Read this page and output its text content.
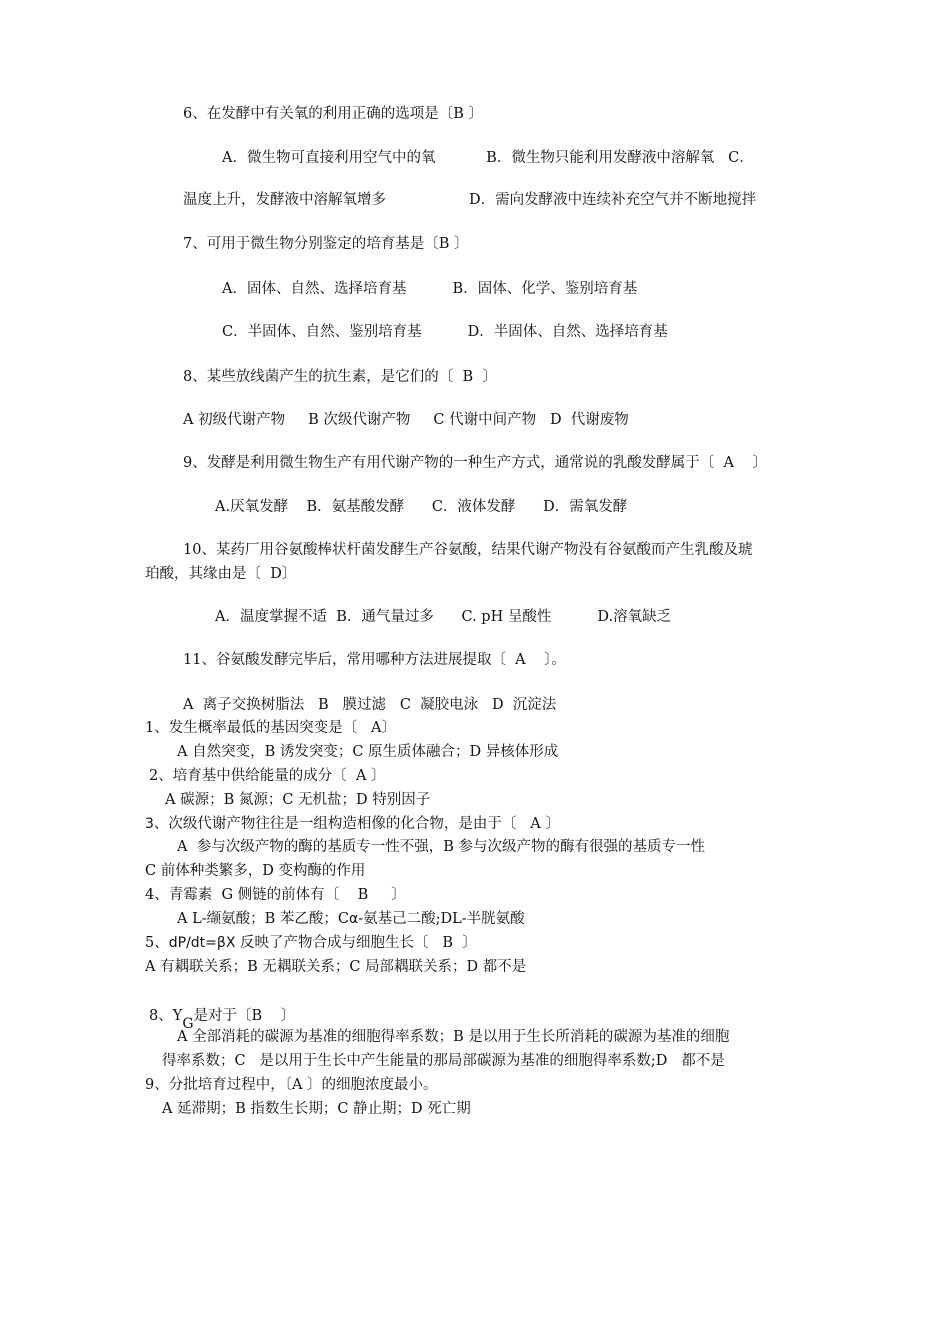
6、在发酵中有关氧的利用正确的选项是〔B 〕
A．微生物可直接利用空气中的氧           B．微生物只能利用发酵液中溶解氧   C．
温度上升，发酵液中溶解氧增多                  D．需向发酵液中连续补充空气并不断地搅拌
7、可用于微生物分别鉴定的培育基是〔B 〕
A．固体、自然、选择培育基          B．固体、化学、鉴别培育基
C．半固体、自然、鉴别培育基          D．半固体、自然、选择培育基
8、某些放线菌产生的抗生素，是它们的〔  B  〕
A 初级代谢产物     B 次级代谢产物     C 代谢中间产物   D  代谢废物
9、发酵是利用微生物生产有用代谢产物的一种生产方式，通常说的乳酸发酵属于〔  A    〕
A.厌氧发酵    B．氨基酸发酵      C．液体发酵      D．需氧发酵
10、某药厂用谷氨酸棒状杆菌发酵生产谷氨酸，结果代谢产物没有谷氨酸而产生乳酸及琥
珀酸，其缘由是〔  D〕
A．温度掌握不适  B．通气量过多      C. pH 呈酸性          D.溶氧缺乏
11、谷氨酸发酵完毕后，常用哪种方法进展提取〔  A    〕。
A  离子交换树脂法   B   膜过滤   C  凝胶电泳   D  沉淀法
1、发生概率最低的基因突变是〔   A〕
A 自然突变，B 诱发突变；C 原生质体融合；D 异核体形成
2、培育基中供给能量的成分〔  A 〕
A 碳源；B 氮源；C 无机盐；D 特别因子
3、次级代谢产物往往是一组构造相像的化合物，是由于〔   A 〕
A  参与次级产物的酶的基质专一性不强，B 参与次级产物的酶有很强的基质专一性
C 前体种类繁多，D 变构酶的作用
4、青霉素  G 侧链的前体有〔    B     〕
A L-缬氨酸；B 苯乙酸；Cα-氨基己二酸;DL-半胱氨酸
5、dP/dt=βX 反映了产物合成与细胞生长〔   B  〕
A 有耦联关系；B 无耦联关系；C 局部耦联关系；D 都不是
8、$Y_G$是对于〔B    〕
A 全部消耗的碳源为基准的细胞得率系数；B 是以用于生长所消耗的碳源为基准的细胞
得率系数；C   是以用于生长中产生能量的那局部碳源为基准的细胞得率系数;D   都不是
9、分批培育过程中，〔A 〕的细胞浓度最小。
A 延滞期；B 指数生长期；C 静止期；D 死亡期
